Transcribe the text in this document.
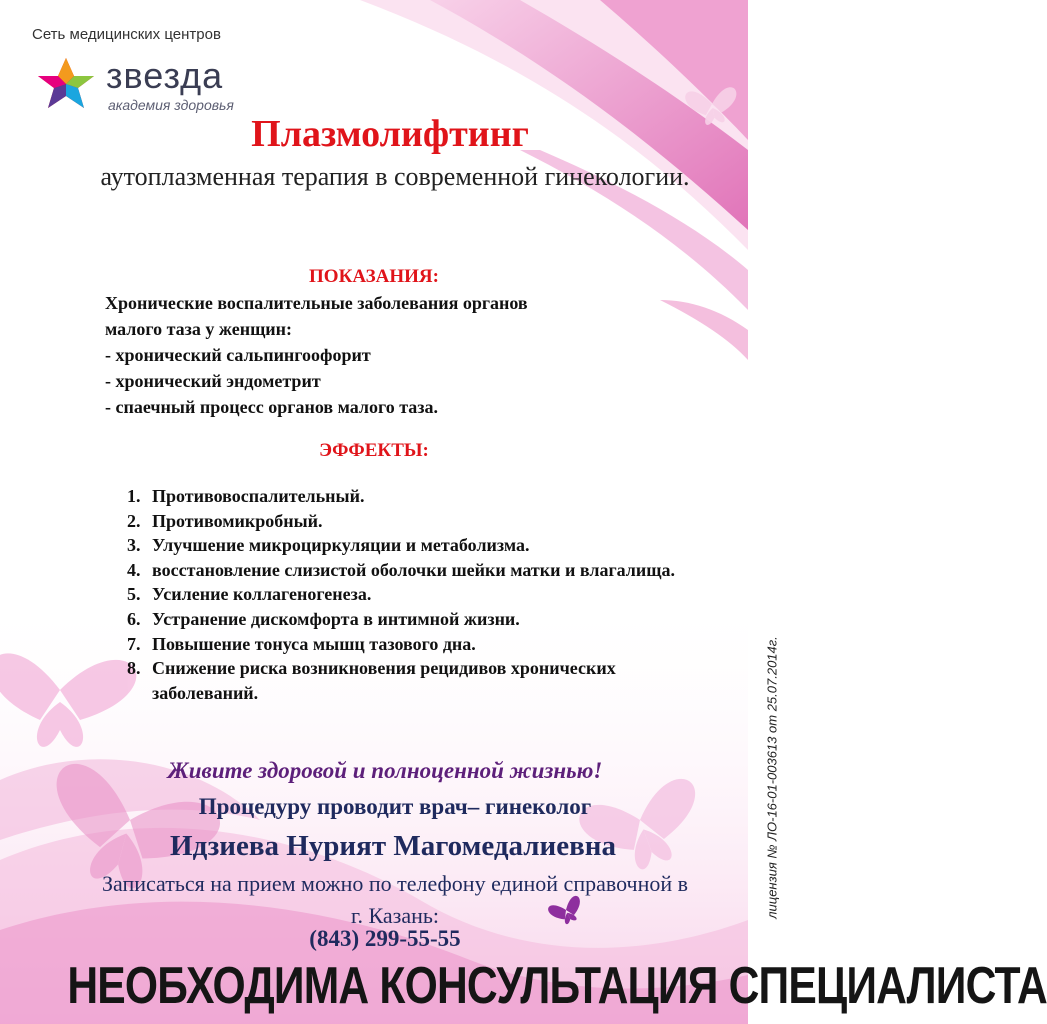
Сеть медицинских центров
звезда
академия здоровья
Плазмолифтинг
аутоплазменная терапия в современной гинекологии.
ПОКАЗАНИЯ:
Хронические воспалительные заболевания органов
малого таза у женщин:
- хронический сальпингоофорит
- хронический эндометрит
- спаечный процесс органов малого таза.
ЭФФЕКТЫ:
1. Противовоспалительный.
2. Противомикробный.
3. Улучшение микроциркуляции и метаболизма.
4. восстановление слизистой оболочки шейки матки и влагалища.
5. Усиление коллагеногенеза.
6. Устранение дискомфорта в интимной жизни.
7. Повышение тонуса мышц тазового дна.
8. Снижение риска возникновения рецидивов хронических заболеваний.
Живите здоровой и полноценной жизнью!
Процедуру проводит врач– гинеколог
Идзиева Нурият Магомедалиевна
Записаться на прием можно по телефону единой справочной в г. Казань:
(843) 299-55-55
НЕОБХОДИМА КОНСУЛЬТАЦИЯ СПЕЦИАЛИСТА
лицензия № ЛО-16-01-003613 от 25.07.2014г.
